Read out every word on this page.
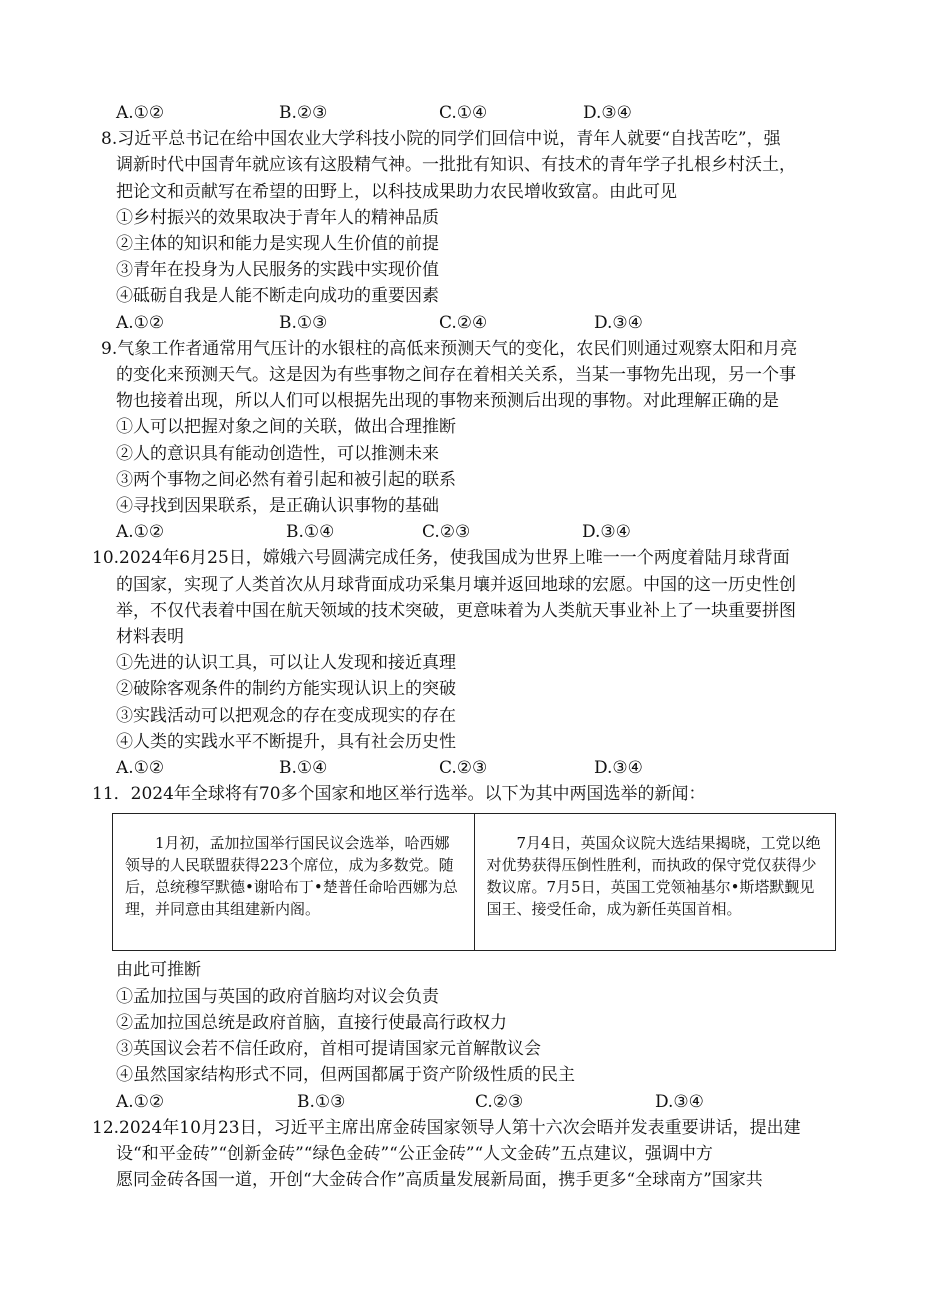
A.①②	B.②③	C.①④	D.③④
8.习近平总书记在给中国农业大学科技小院的同学们回信中说，青年人就要“自找苦吃”，强
调新时代中国青年就应该有这股精气神。一批批有知识、有技术的青年学子扎根乡村沃土，
把论文和贡献写在希望的田野上，以科技成果助力农民增收致富。由此可见
①乡村振兴的效果取决于青年人的精神品质
②主体的知识和能力是实现人生价值的前提
③青年在投身为人民服务的实践中实现价值
④砥砺自我是人能不断走向成功的重要因素
A.①②	B.①③	C.②④	D.③④
9.气象工作者通常用气压计的水银柱的高低来预测天气的变化，农民们则通过观察太阳和月亮
的变化来预测天气。这是因为有些事物之间存在着相关关系，当某一事物先出现，另一个事
物也接着出现，所以人们可以根据先出现的事物来预测后出现的事物。对此理解正确的是
①人可以把握对象之间的关联，做出合理推断
②人的意识具有能动创造性，可以推测未来
③两个事物之间必然有着引起和被引起的联系
④寻找到因果联系，是正确认识事物的基础
A.①②	B.①④	C.②③	D.③④
10.2024年6月25日，嫦娥六号圆满完成任务，使我国成为世界上唯一一个两度着陆月球背面
的国家，实现了人类首次从月球背面成功采集月壤并返回地球的宏愿。中国的这一历史性创
举，不仅代表着中国在航天领域的技术突破，更意味着为人类航天事业补上了一块重要拼图
材料表明
①先进的认识工具，可以让人发现和接近真理
②破除客观条件的制约方能实现认识上的突破
③实践活动可以把观念的存在变成现实的存在
④人类的实践水平不断提升，具有社会历史性
A.①②	B.①④	C.②③	D.③④
11．2024年全球将有70多个国家和地区举行选举。以下为其中两国选举的新闻：
1月初，孟加拉国举行国民议会选举，哈西娜领导的人民联盟获得223个席位，成为多数党。随后，总统穆罕默德•谢哈布丁•楚普任命哈西娜为总理，并同意由其组建新内阁。
7月4日，英国众议院大选结果揭晓，工党以绝对优势获得压倒性胜利，而执政的保守党仅获得少数议席。7月5日，英国工党领袖基尔•斯塔默觐见国王、接受任命，成为新任英国首相。
由此可推断
①孟加拉国与英国的政府首脑均对议会负责
②孟加拉国总统是政府首脑，直接行使最高行政权力
③英国议会若不信任政府，首相可提请国家元首解散议会
④虽然国家结构形式不同，但两国都属于资产阶级性质的民主
A.①②	B.①③	C.②③	D.③④
12.2024年10月23日，习近平主席出席金砖国家领导人第十六次会晤并发表重要讲话，提出建
设“和平金砖”“创新金砖”“绿色金砖”“公正金砖”“人文金砖”五点建议，强调中方
愿同金砖各国一道，开创“大金砖合作”高质量发展新局面，携手更多“全球南方”国家共
